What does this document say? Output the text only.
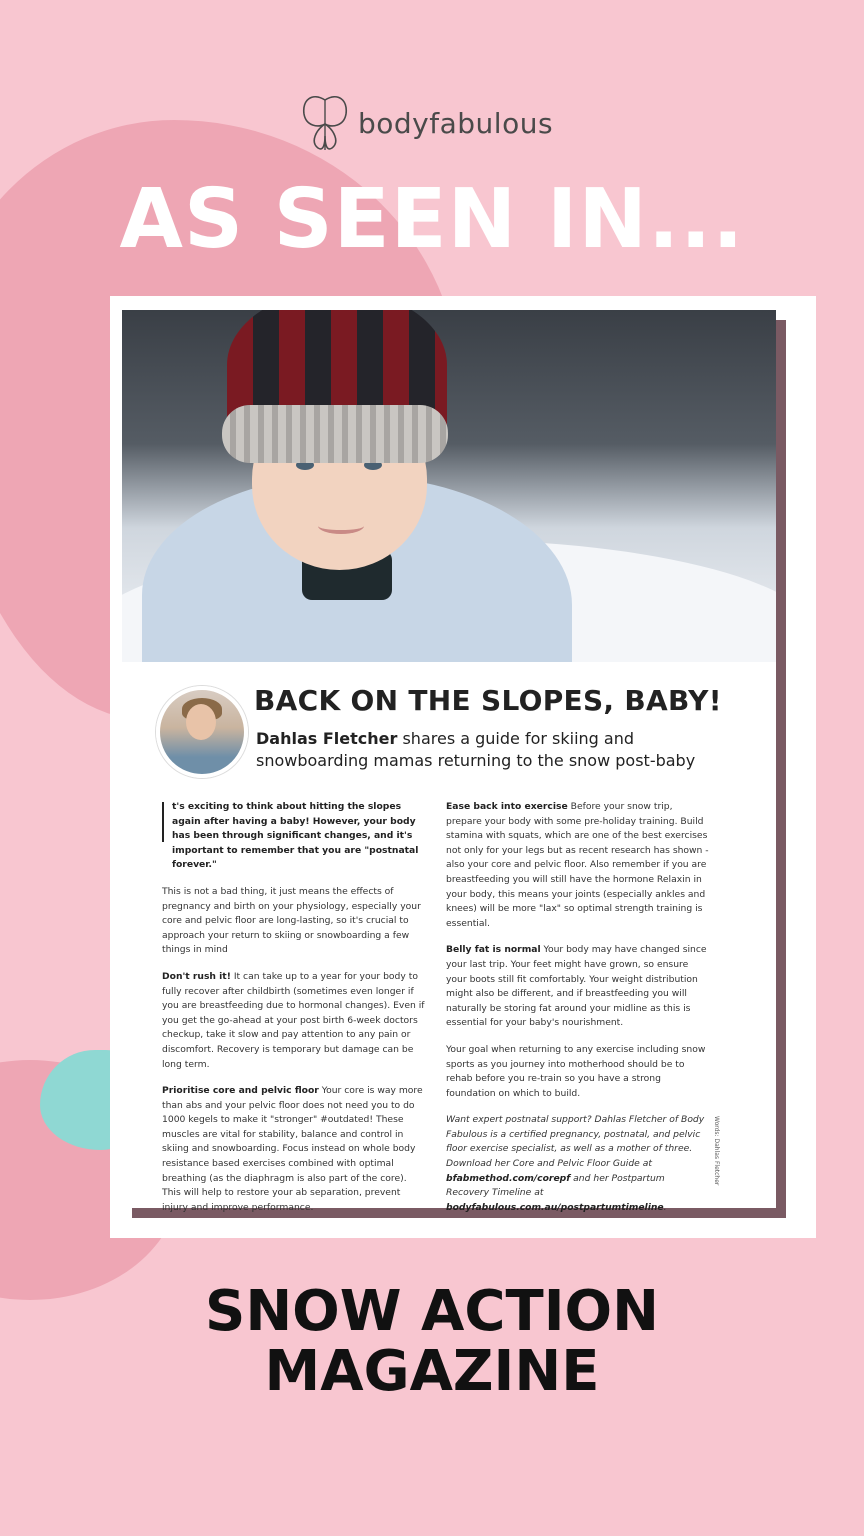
bodyfabulous
AS SEEN IN...
BACK ON THE SLOPES, BABY!
Dahlas Fletcher shares a guide for skiing and snowboarding mamas returning to the snow post-baby

t's exciting to think about hitting the slopes again after having a baby! However, your body has been through significant changes, and it's important to remember that you are "postnatal forever."

This is not a bad thing, it just means the effects of pregnancy and birth on your physiology, especially your core and pelvic floor are long-lasting, so it's crucial to approach your return to skiing or snowboarding a few things in mind

Don't rush it! It can take up to a year for your body to fully recover after childbirth (sometimes even longer if you are breastfeeding due to hormonal changes). Even if you get the go-ahead at your post birth 6-week doctors checkup, take it slow and pay attention to any pain or discomfort. Recovery is temporary but damage can be long term.

Prioritise core and pelvic floor Your core is way more than abs and your pelvic floor does not need you to do 1000 kegels to make it "stronger" #outdated! These muscles are vital for stability, balance and control in skiing and snowboarding. Focus instead on whole body resistance based exercises combined with optimal breathing (as the diaphragm is also part of the core). This will help to restore your ab separation, prevent injury and improve performance.

Ease back into exercise Before your snow trip, prepare your body with some pre-holiday training. Build stamina with squats, which are one of the best exercises not only for your legs but as recent research has shown - also your core and pelvic floor. Also remember if you are breastfeeding you will still have the hormone Relaxin in your body, this means your joints (especially ankles and knees) will be more "lax" so optimal strength training is essential.

Belly fat is normal Your body may have changed since your last trip. Your feet might have grown, so ensure your boots still fit comfortably. Your weight distribution might also be different, and if breastfeeding you will naturally be storing fat around your midline as this is essential for your baby's nourishment.

Your goal when returning to any exercise including snow sports as you journey into motherhood should be to rehab before you re-train so you have a strong foundation on which to build.

Want expert postnatal support? Dahlas Fletcher of Body Fabulous is a certified pregnancy, postnatal, and pelvic floor exercise specialist, as well as a mother of three. Download her Core and Pelvic Floor Guide at bfabmethod.com/corepf and her Postpartum Recovery Timeline at bodyfabulous.com.au/postpartumtimeline.

Words: Dahlas Fletcher
SNOW ACTION
MAGAZINE
